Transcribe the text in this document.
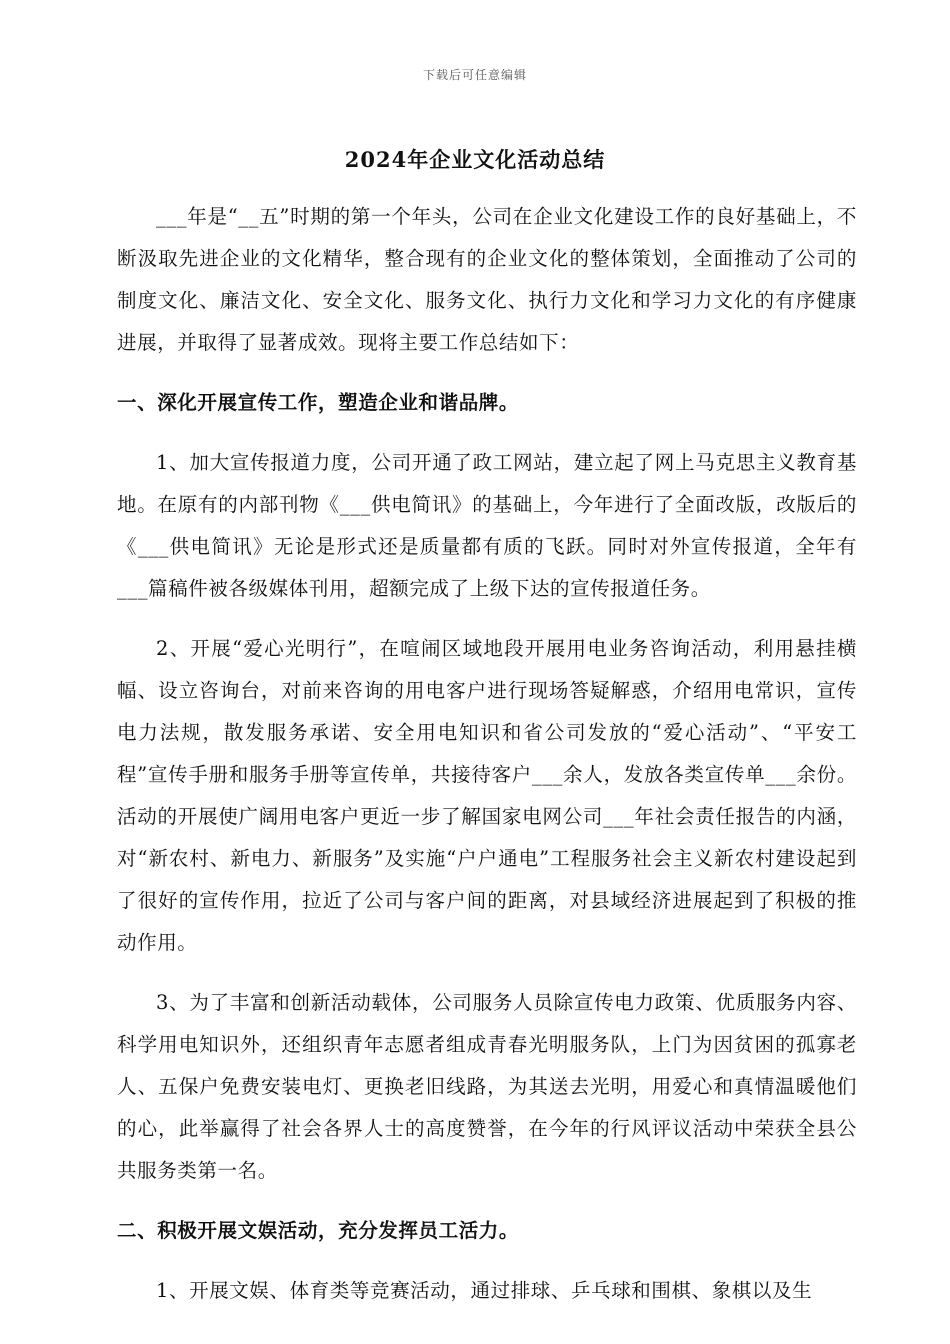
下载后可任意编辑
2024年企业文化活动总结

___年是“__五”时期的第一个年头，公司在企业文化建设工作的良好基础上，不断汲取先进企业的文化精华，整合现有的企业文化的整体策划，全面推动了公司的制度文化、廉洁文化、安全文化、服务文化、执行力文化和学习力文化的有序健康进展，并取得了显著成效。现将主要工作总结如下：

一、深化开展宣传工作，塑造企业和谐品牌。

1、加大宣传报道力度，公司开通了政工网站，建立起了网上马克思主义教育基地。在原有的内部刊物《___供电简讯》的基础上，今年进行了全面改版，改版后的《___供电简讯》无论是形式还是质量都有质的飞跃。同时对外宣传报道，全年有___篇稿件被各级媒体刊用，超额完成了上级下达的宣传报道任务。

2、开展“爱心光明行”，在喧闹区域地段开展用电业务咨询活动，利用悬挂横幅、设立咨询台，对前来咨询的用电客户进行现场答疑解惑，介绍用电常识，宣传电力法规，散发服务承诺、安全用电知识和省公司发放的“爱心活动”、“平安工程”宣传手册和服务手册等宣传单，共接待客户___余人，发放各类宣传单___余份。活动的开展使广阔用电客户更近一步了解国家电网公司___年社会责任报告的内涵，对“新农村、新电力、新服务”及实施“户户通电”工程服务社会主义新农村建设起到了很好的宣传作用，拉近了公司与客户间的距离，对县域经济进展起到了积极的推动作用。

3、为了丰富和创新活动载体，公司服务人员除宣传电力政策、优质服务内容、科学用电知识外，还组织青年志愿者组成青春光明服务队，上门为因贫困的孤寡老人、五保户免费安装电灯、更换老旧线路，为其送去光明，用爱心和真情温暖他们的心，此举赢得了社会各界人士的高度赞誉，在今年的行风评议活动中荣获全县公共服务类第一名。

二、积极开展文娱活动，充分发挥员工活力。

1、开展文娱、体育类等竞赛活动，通过排球、乒乓球和围棋、象棋以及生
